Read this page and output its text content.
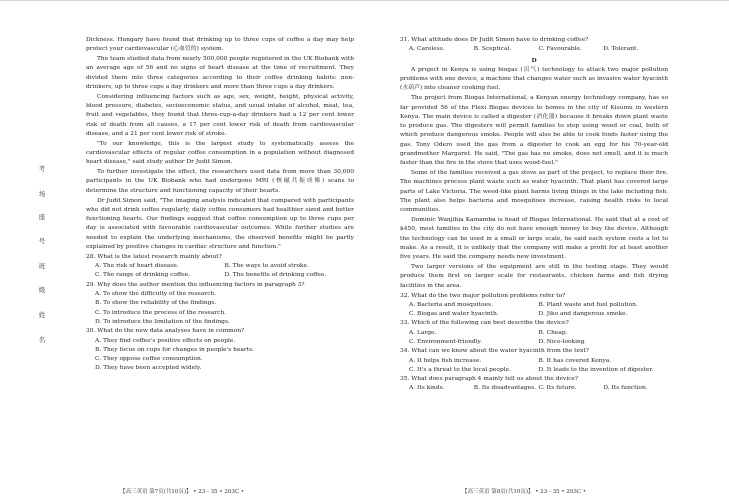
考
场
座
号
班
级
姓
名

Dickness. Hungary have found that drinking up to three cups of coffee a day may help protect your cardiovascular (心血管的) system.

The team studied data from nearly 500,000 people registered in the UK Biobank with an average age of 56 and no signs of heart disease at the time of recruitment. They divided them into three categories according to their coffee drinking habits: non-drinkers, up to three cups a day drinkers and more than three cups a day drinkers.

Considering influencing factors such as age, sex, weight, height, physical activity, blood pressure, diabetes, socioeconomic status, and usual intake of alcohol, meat, tea, fruit and vegetables, they found that three-cup-a-day drinkers had a 12 per cent lower risk of death from all causes, a 17 per cent lower risk of death from cardiovascular disease, and a 21 per cent lower risk of stroke.

"To our knowledge, this is the largest study to systematically assess the cardiovascular effects of regular coffee consumption in a population without diagnosed heart disease," said study author Dr Judit Simon.

To further investigate the effect, the researchers used data from more than 30,000 participants in the UK Biobank who had undergone MRI (核磁共振成像) scans to determine the structure and functioning capacity of their hearts.

Dr Judit Simon said, "The imaging analysis indicated that compared with participants who did not drink coffee regularly, daily coffee consumers had healthier sized and better functioning hearts. Our findings suggest that coffee consumption up to three cups per day is associated with favourable cardiovascular outcomes. While further studies are needed to explain the underlying mechanisms, the observed benefits might be partly explained by positive changes in cardiac structure and function."

28. What is the latest research mainly about?

A. The risk of heart disease.	B. The ways to avoid stroke.
C. The range of drinking coffee.	D. The benefits of drinking coffee.

29. Why does the author mention the influencing factors in paragraph 3?

A. To show the difficulty of the research.
B. To show the reliability of the findings.
C. To introduce the process of the research.
D. To introduce the limitation of the findings.

30. What do the new data analyses have in common?

A. They find coffee's positive effects on people.
B. They focus on cups for changes in people's hearts.
C. They oppose coffee consumption.
D. They have been accepted widely.

31. What attitude does Dr Judit Simon have to drinking coffee?

A. Careless.	B. Sceptical.	C. Favourable.	D. Tolerant.
D

A project in Kenya is using biogas (沼气) technology to attack two major pollution problems with one device, a machine that changes water such as invasive water hyacinth (水葫芦) into cleaner cooking fuel.

The project from Biogas International, a Kenyan energy technology company, has so far provided 56 of the Flexi Biogas devices to homes in the city of Kisumu in western Kenya. The main device is called a digester (消化器) because it breaks down plant waste to produce gas. The digesters will permit families to stop using wood or coal, both of which produce dangerous smoke. People will also be able to cook foods faster using the gas. Tony Odero used the gas from a digester to cook an egg for his 70-year-old grandmother Margaret. He said, "The gas has no smoke, does not smell, and it is much faster than the fire in the stove that uses wood-fuel."

Some of the families received a gas stove as part of the project, to replace their fire. The machines process plant waste such as water hyacinth. That plant has covered large parts of Lake Victoria. The weed-like plant harms living things in the lake including fish. The plant also helps bacteria and mosquitoes increase, raising health risks to local communities.

Dominic Wanjihia Kamamba is head of Biogas International. He said that at a cost of $450, most families in the city do not have enough money to buy the device. Although the technology can be used in a small or large scale, he said each system costs a lot to make. As a result, it is unlikely that the company will make a profit for at least another five years. He said the company needs new investment.

Two larger versions of the equipment are still in the testing stage. They would produce them first on larger scale for restaurants, chicken farms and fish drying facilities in the area.

32. What do the two major pollution problems refer to?

A. Bacteria and mosquitoes.	B. Plant waste and fuel pollution.
C. Biogas and water hyacinth.	D. Jiko and dangerous smoke.

33. Which of the following can best describe the device?

A. Large.	B. Cheap.
C. Environment-friendly.	D. Nice-looking.

34. What can we know about the water hyacinth from the text?

A. It helps fish increase.	B. It has covered Kenya.
C. It's a threat to the local people.	D. It leads to the invention of digester.

35. What does paragraph 4 mainly tell us about the device?

A. Its kinds.	B. Its disadvantages. C. Its future.	D. Its function.
【高三英语 第7页(共10页)】 • 23 - 35 • 203C •	【高三英语 第8页(共10页)】 • 23 - 35 • 203C •
